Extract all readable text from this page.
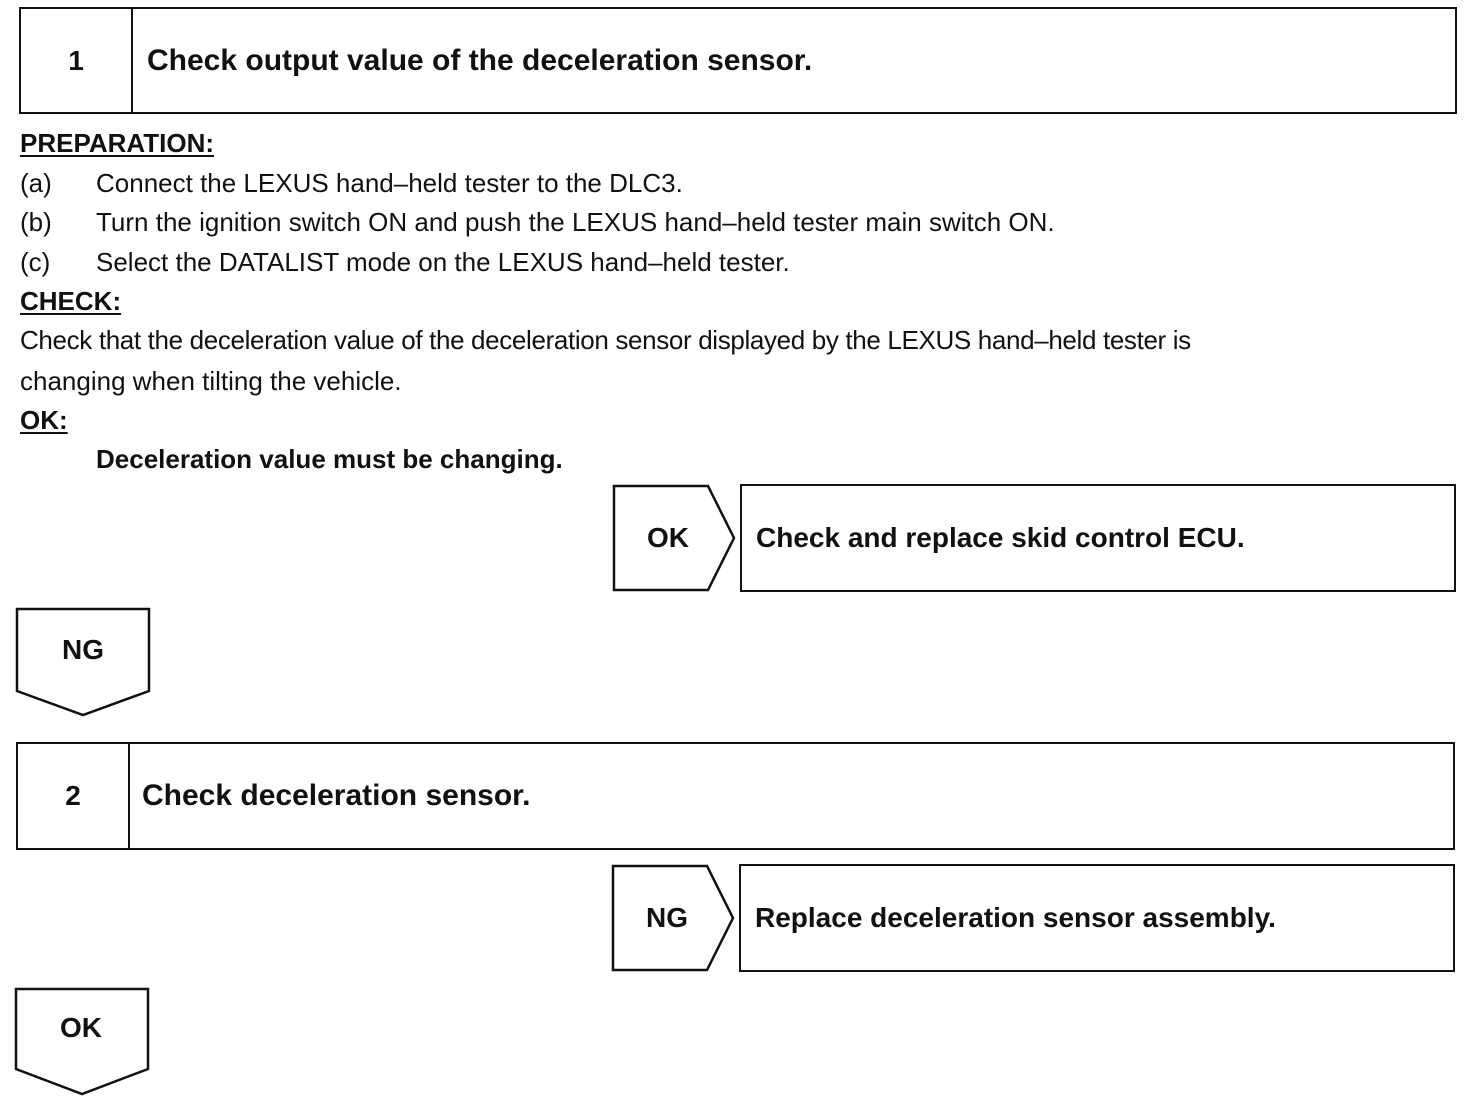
1	Check output value of the deceleration sensor.
PREPARATION:
(a) Connect the LEXUS hand–held tester to the DLC3.
(b) Turn the ignition switch ON and push the LEXUS hand–held tester main switch ON.
(c) Select the DATALIST mode on the LEXUS hand–held tester.
CHECK:
Check that the deceleration value of the deceleration sensor displayed by the LEXUS hand–held tester is
changing when tilting the vehicle.
OK:
Deceleration value must be changing.
OK	Check and replace skid control ECU.
NG
2	Check deceleration sensor.
NG	Replace deceleration sensor assembly.
OK
